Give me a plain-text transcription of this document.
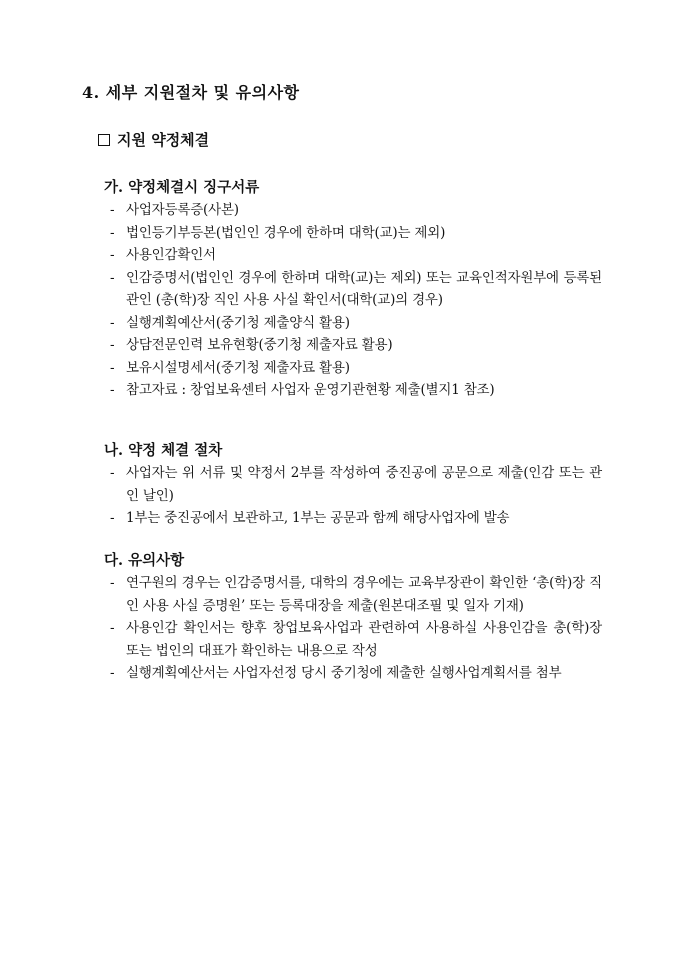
4. 세부 지원절차 및 유의사항
지원 약정체결
가. 약정체결시 징구서류
- 사업자등록증(사본)
- 법인등기부등본(법인인 경우에 한하며 대학(교)는 제외)
- 사용인감확인서
- 인감증명서(법인인 경우에 한하며 대학(교)는 제외) 또는 교육인적자원부에 등록된 관인 (총(학)장 직인 사용 사실 확인서(대학(교)의 경우)
- 실행계획예산서(중기청 제출양식 활용)
- 상담전문인력 보유현황(중기청 제출자료 활용)
- 보유시설명세서(중기청 제출자료 활용)
- 참고자료 : 창업보육센터 사업자 운영기관현황 제출(별지1 참조)
나. 약정 체결 절차
- 사업자는 위 서류 및 약정서 2부를 작성하여 중진공에 공문으로 제출(인감 또는 관인 날인)
- 1부는 중진공에서 보관하고, 1부는 공문과 함께 해당사업자에 발송
다. 유의사항
- 연구원의 경우는 인감증명서를, 대학의 경우에는 교육부장관이 확인한 ‘총(학)장 직인 사용 사실 증명원’ 또는 등록대장을 제출(원본대조필 및 일자 기재)
- 사용인감 확인서는 향후 창업보육사업과 관련하여 사용하실 사용인감을 총(학)장 또는 법인의 대표가 확인하는 내용으로 작성
- 실행계획예산서는 사업자선정 당시 중기청에 제출한 실행사업계획서를 첨부
